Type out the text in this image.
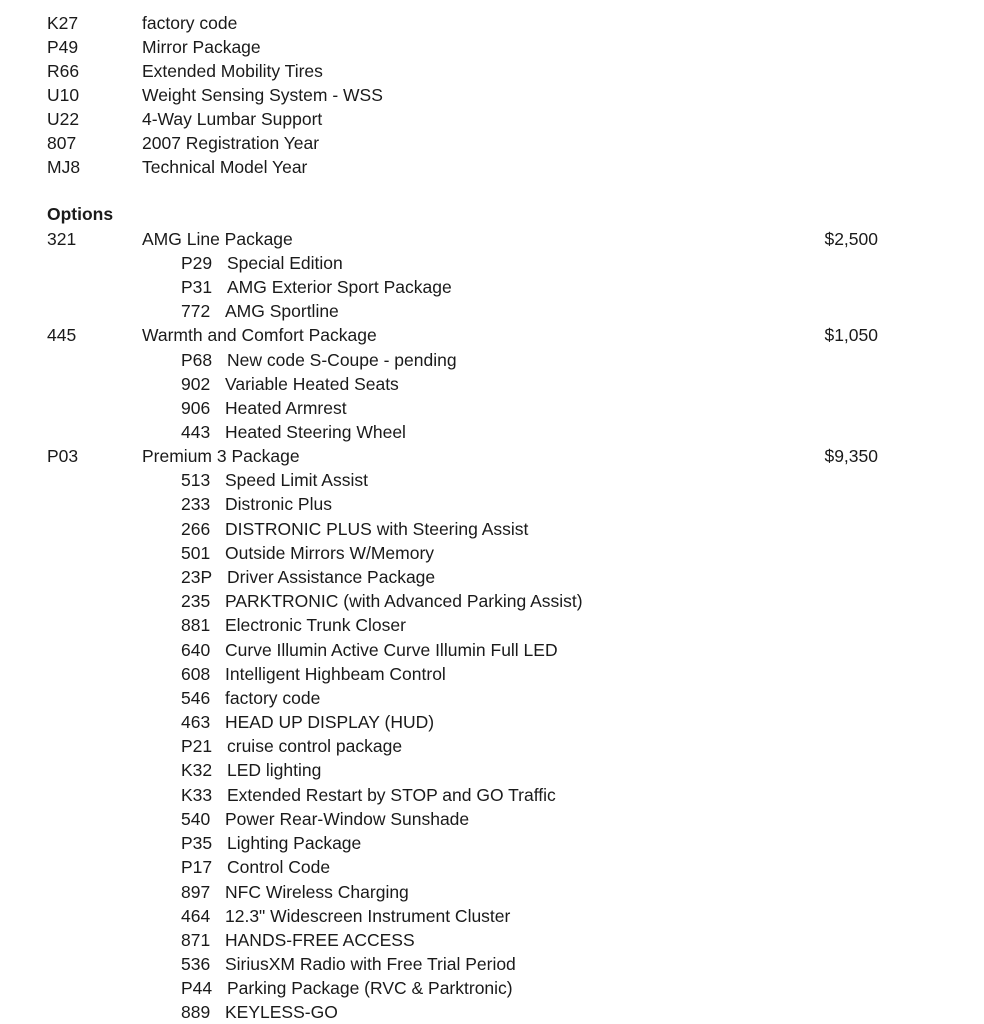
K27	factory code
P49	Mirror Package
R66	Extended Mobility Tires
U10	Weight Sensing System - WSS
U22	4-Way Lumbar Support
807	2007 Registration Year
MJ8	Technical Model Year
Options
321	AMG Line Package	$2,500
P29 Special Edition
P31 AMG Exterior Sport Package
772 AMG Sportline
445	Warmth and Comfort Package	$1,050
P68 New code S-Coupe - pending
902 Variable Heated Seats
906 Heated Armrest
443 Heated Steering Wheel
P03	Premium 3 Package	$9,350
513 Speed Limit Assist
233 Distronic Plus
266 DISTRONIC PLUS with Steering Assist
501 Outside Mirrors W/Memory
23P Driver Assistance Package
235 PARKTRONIC (with Advanced Parking Assist)
881 Electronic Trunk Closer
640 Curve Illumin Active Curve Illumin Full LED
608 Intelligent Highbeam Control
546 factory code
463 HEAD UP DISPLAY (HUD)
P21 cruise control package
K32 LED lighting
K33 Extended Restart by STOP and GO Traffic
540 Power Rear-Window Sunshade
P35 Lighting Package
P17 Control Code
897 NFC Wireless Charging
464 12.3" Widescreen Instrument Cluster
871 HANDS-FREE ACCESS
536 SiriusXM Radio with Free Trial Period
P44 Parking Package (RVC & Parktronic)
889 KEYLESS-GO
